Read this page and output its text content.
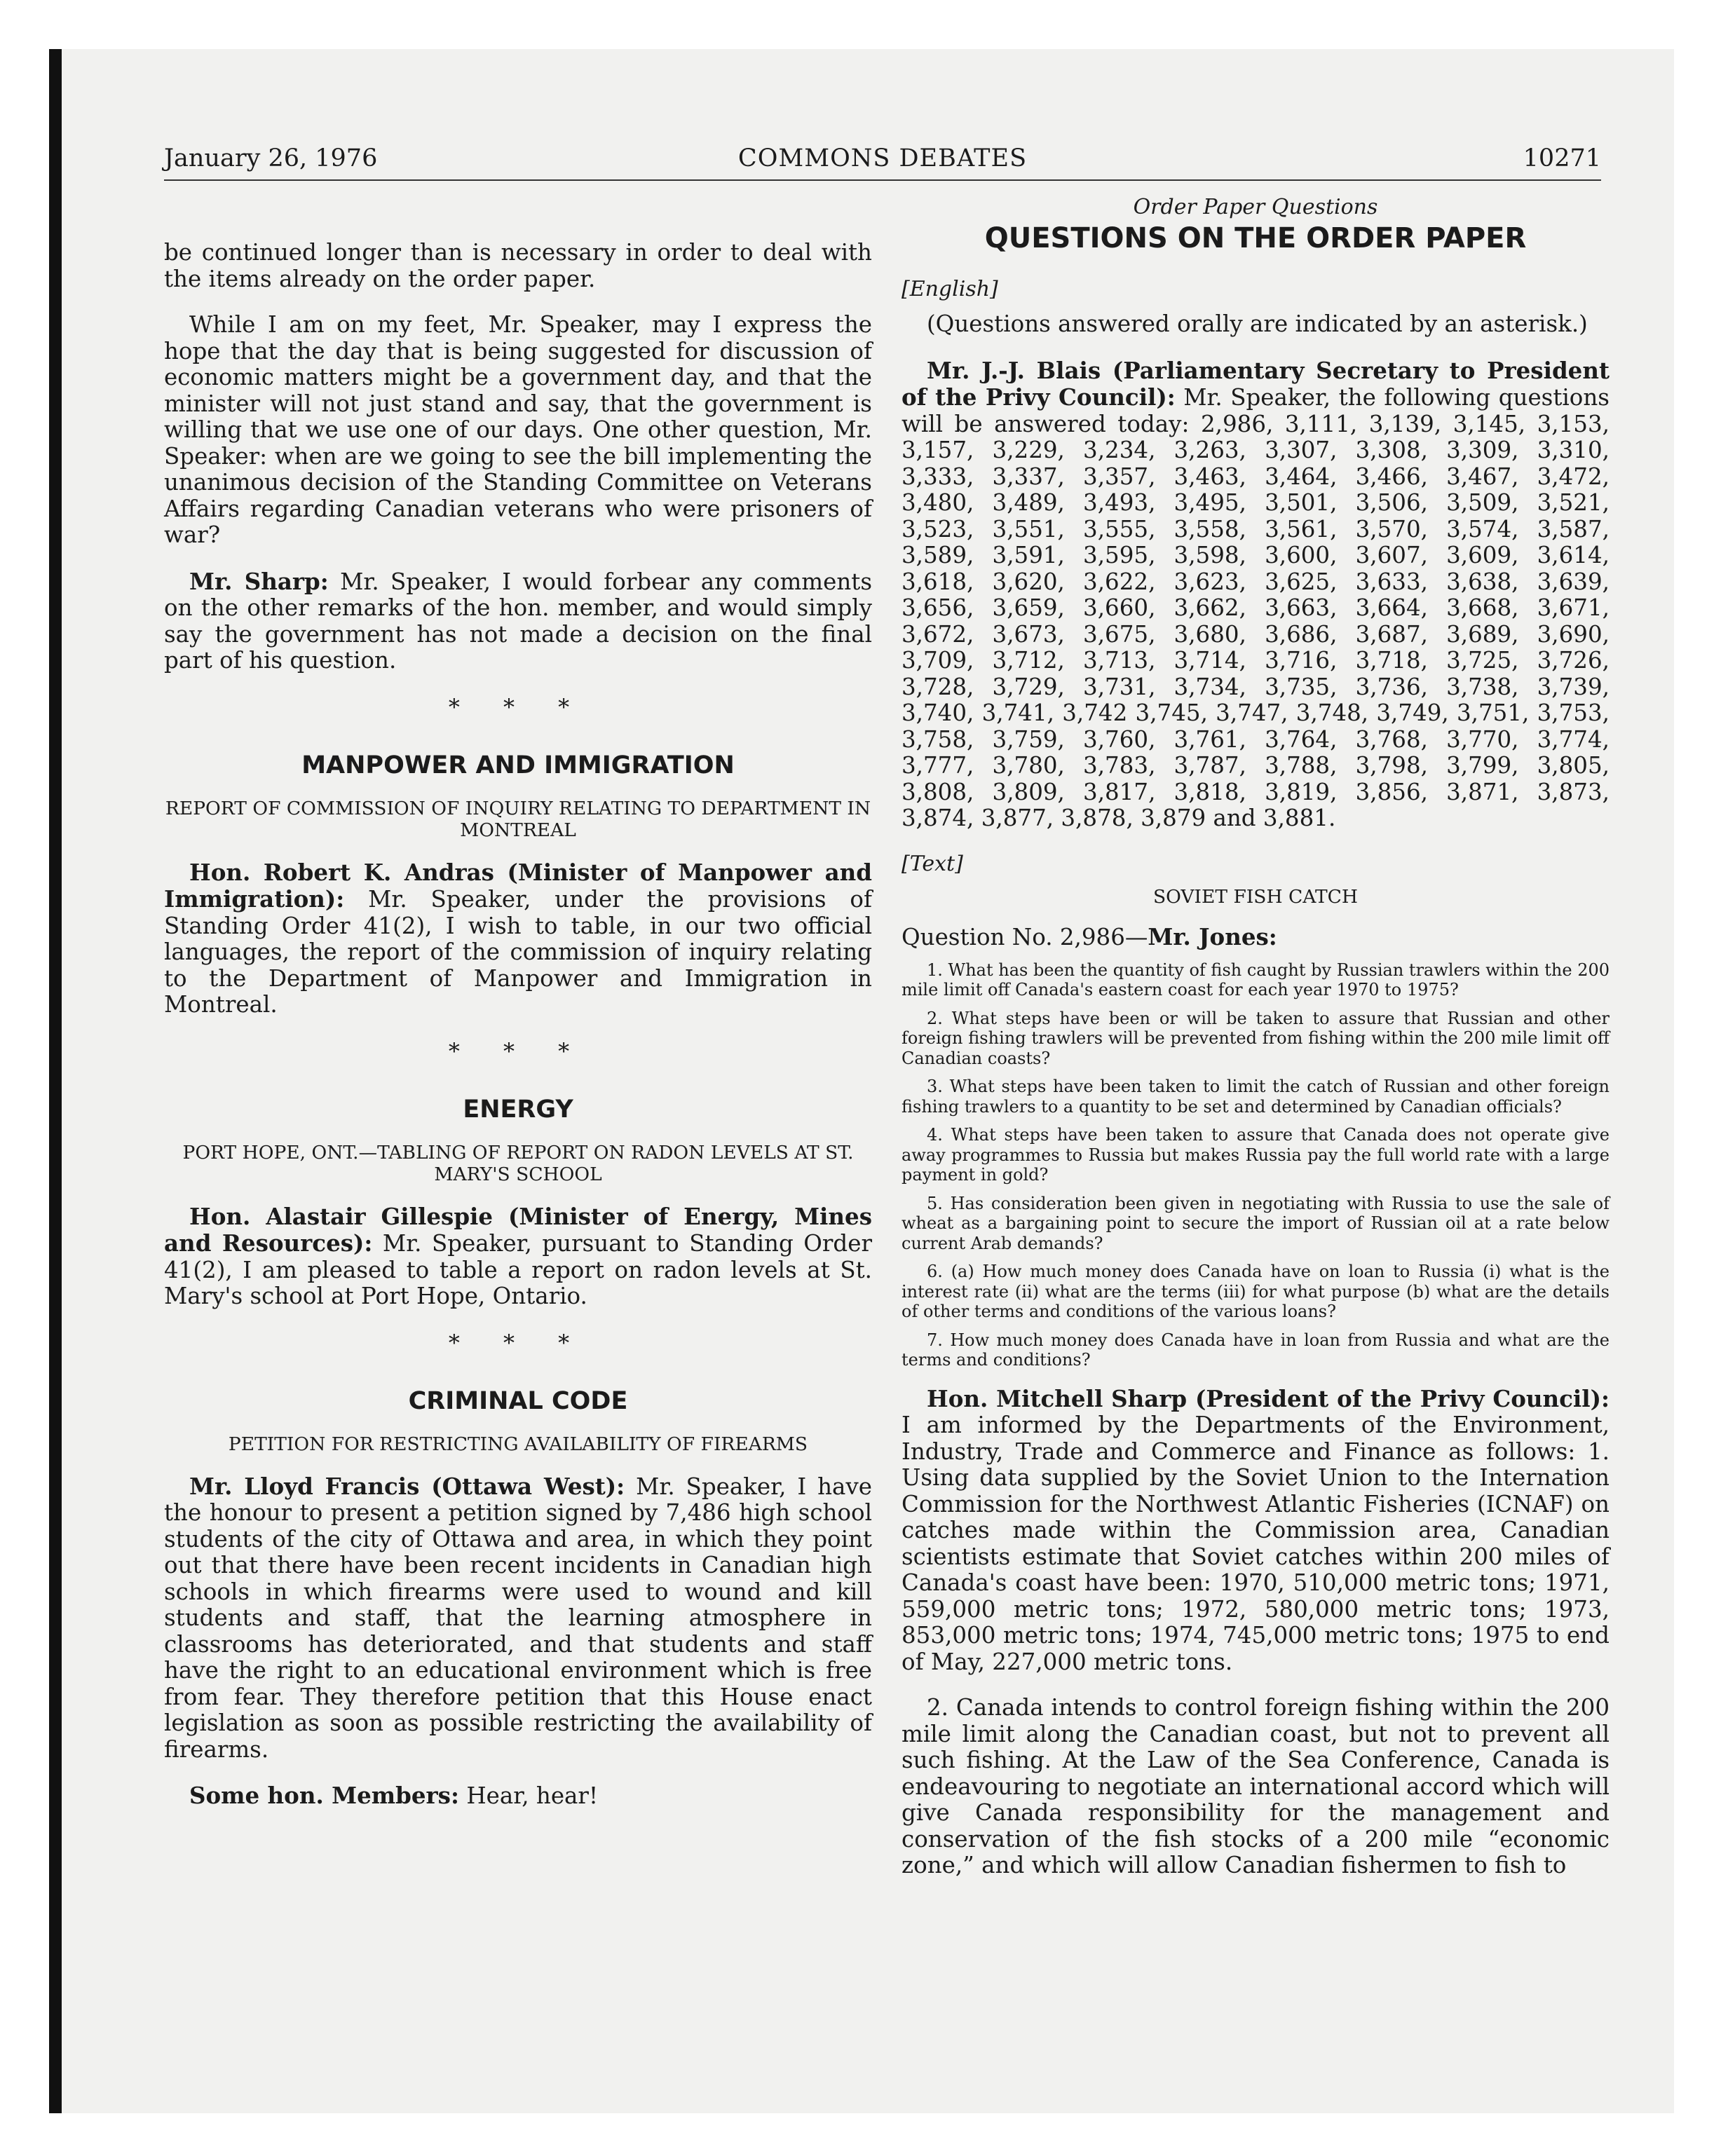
January 26, 1976	COMMONS DEBATES	10271

be continued longer than is necessary in order to deal with the items already on the order paper.

While I am on my feet, Mr. Speaker, may I express the hope that the day that is being suggested for discussion of economic matters might be a government day, and that the minister will not just stand and say, that the government is willing that we use one of our days. One other question, Mr. Speaker: when are we going to see the bill implementing the unanimous decision of the Standing Committee on Veterans Affairs regarding Canadian veterans who were prisoners of war?

Mr. Sharp: Mr. Speaker, I would forbear any comments on the other remarks of the hon. member, and would simply say the government has not made a decision on the final part of his question.

* * *
MANPOWER AND IMMIGRATION
REPORT OF COMMISSION OF INQUIRY RELATING TO DEPARTMENT IN MONTREAL

Hon. Robert K. Andras (Minister of Manpower and Immigration): Mr. Speaker, under the provisions of Standing Order 41(2), I wish to table, in our two official languages, the report of the commission of inquiry relating to the Department of Manpower and Immigration in Montreal.

* * *
ENERGY
PORT HOPE, ONT.—TABLING OF REPORT ON RADON LEVELS AT ST. MARY'S SCHOOL

Hon. Alastair Gillespie (Minister of Energy, Mines and Resources): Mr. Speaker, pursuant to Standing Order 41(2), I am pleased to table a report on radon levels at St. Mary's school at Port Hope, Ontario.

* * *
CRIMINAL CODE
PETITION FOR RESTRICTING AVAILABILITY OF FIREARMS

Mr. Lloyd Francis (Ottawa West): Mr. Speaker, I have the honour to present a petition signed by 7,486 high school students of the city of Ottawa and area, in which they point out that there have been recent incidents in Canadian high schools in which firearms were used to wound and kill students and staff, that the learning atmosphere in classrooms has deteriorated, and that students and staff have the right to an educational environment which is free from fear. They therefore petition that this House enact legislation as soon as possible restricting the availability of firearms.

Some hon. Members: Hear, hear!

Order Paper Questions
QUESTIONS ON THE ORDER PAPER
[English]

(Questions answered orally are indicated by an asterisk.)

Mr. J.-J. Blais (Parliamentary Secretary to President of the Privy Council): Mr. Speaker, the following questions will be answered today: 2,986, 3,111, 3,139, 3,145, 3,153, 3,157, 3,229, 3,234, 3,263, 3,307, 3,308, 3,309, 3,310, 3,333, 3,337, 3,357, 3,463, 3,464, 3,466, 3,467, 3,472, 3,480, 3,489, 3,493, 3,495, 3,501, 3,506, 3,509, 3,521, 3,523, 3,551, 3,555, 3,558, 3,561, 3,570, 3,574, 3,587, 3,589, 3,591, 3,595, 3,598, 3,600, 3,607, 3,609, 3,614, 3,618, 3,620, 3,622, 3,623, 3,625, 3,633, 3,638, 3,639, 3,656, 3,659, 3,660, 3,662, 3,663, 3,664, 3,668, 3,671, 3,672, 3,673, 3,675, 3,680, 3,686, 3,687, 3,689, 3,690, 3,709, 3,712, 3,713, 3,714, 3,716, 3,718, 3,725, 3,726, 3,728, 3,729, 3,731, 3,734, 3,735, 3,736, 3,738, 3,739, 3,740, 3,741, 3,742 3,745, 3,747, 3,748, 3,749, 3,751, 3,753, 3,758, 3,759, 3,760, 3,761, 3,764, 3,768, 3,770, 3,774, 3,777, 3,780, 3,783, 3,787, 3,788, 3,798, 3,799, 3,805, 3,808, 3,809, 3,817, 3,818, 3,819, 3,856, 3,871, 3,873, 3,874, 3,877, 3,878, 3,879 and 3,881.

[Text]
SOVIET FISH CATCH
Question No. 2,986—Mr. Jones:
1. What has been the quantity of fish caught by Russian trawlers within the 200 mile limit off Canada's eastern coast for each year 1970 to 1975?
2. What steps have been or will be taken to assure that Russian and other foreign fishing trawlers will be prevented from fishing within the 200 mile limit off Canadian coasts?
3. What steps have been taken to limit the catch of Russian and other foreign fishing trawlers to a quantity to be set and determined by Canadian officials?
4. What steps have been taken to assure that Canada does not operate give away programmes to Russia but makes Russia pay the full world rate with a large payment in gold?
5. Has consideration been given in negotiating with Russia to use the sale of wheat as a bargaining point to secure the import of Russian oil at a rate below current Arab demands?
6. (a) How much money does Canada have on loan to Russia (i) what is the interest rate (ii) what are the terms (iii) for what purpose (b) what are the details of other terms and conditions of the various loans?
7. How much money does Canada have in loan from Russia and what are the terms and conditions?

Hon. Mitchell Sharp (President of the Privy Council): I am informed by the Departments of the Environment, Industry, Trade and Commerce and Finance as follows: 1. Using data supplied by the Soviet Union to the Internation Commission for the Northwest Atlantic Fisheries (ICNAF) on catches made within the Commission area, Canadian scientists estimate that Soviet catches within 200 miles of Canada's coast have been: 1970, 510,000 metric tons; 1971, 559,000 metric tons; 1972, 580,000 metric tons; 1973, 853,000 metric tons; 1974, 745,000 metric tons; 1975 to end of May, 227,000 metric tons.

2. Canada intends to control foreign fishing within the 200 mile limit along the Canadian coast, but not to prevent all such fishing. At the Law of the Sea Conference, Canada is endeavouring to negotiate an international accord which will give Canada responsibility for the management and conservation of the fish stocks of a 200 mile “economic zone,” and which will allow Canadian fishermen to fish to
